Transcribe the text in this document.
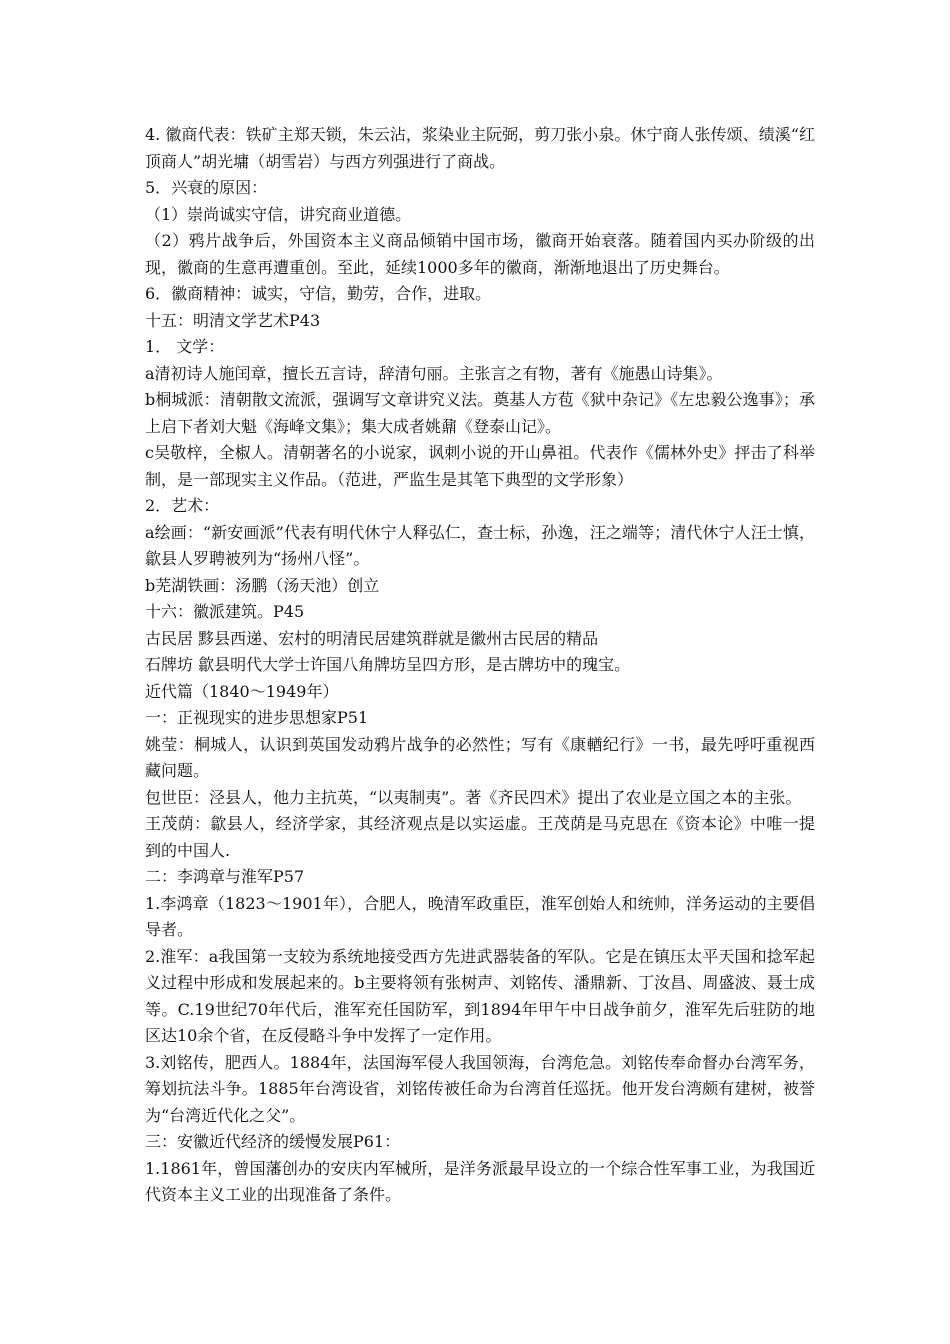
4. 徽商代表：铁矿主郑天锁，朱云沾，浆染业主阮弼，剪刀张小泉。休宁商人张传颂、绩溪“红顶商人”胡光墉（胡雪岩）与西方列强进行了商战。

5．兴衰的原因：

（1）崇尚诚实守信，讲究商业道德。

（2）鸦片战争后，外国资本主义商品倾销中国市场，徽商开始衰落。随着国内买办阶级的出现，徽商的生意再遭重创。至此，延续1000多年的徽商，渐渐地退出了历史舞台。

6．徽商精神：诚实，守信，勤劳，合作，进取。

十五：明清文学艺术P43

1． 文学：

a清初诗人施闰章，擅长五言诗，辞清句丽。主张言之有物，著有《施愚山诗集》。

b桐城派：清朝散文流派，强调写文章讲究义法。奠基人方苞《狱中杂记》《左忠毅公逸事》；承上启下者刘大魁《海峰文集》；集大成者姚鼐《登泰山记》。

c吴敬梓，全椒人。清朝著名的小说家，讽刺小说的开山鼻祖。代表作《儒林外史》抨击了科举制，是一部现实主义作品。（范进，严监生是其笔下典型的文学形象）

2．艺术：

a绘画：“新安画派”代表有明代休宁人释弘仁，查士标，孙逸，汪之端等；清代休宁人汪士慎，歙县人罗聘被列为“扬州八怪”。

b芜湖铁画：汤鹏（汤天池）创立

十六：徽派建筑。P45

古民居 黟县西递、宏村的明清民居建筑群就是徽州古民居的精品

石牌坊 歙县明代大学士许国八角牌坊呈四方形，是古牌坊中的瑰宝。

近代篇（1840～1949年）

一：正视现实的进步思想家P51

姚莹：桐城人，认识到英国发动鸦片战争的必然性；写有《康輶纪行》一书，最先呼吁重视西藏问题。

包世臣：泾县人，他力主抗英，“以夷制夷”。著《齐民四术》提出了农业是立国之本的主张。

王茂荫：歙县人，经济学家，其经济观点是以实运虚。王茂荫是马克思在《资本论》中唯一提到的中国人.

二：李鸿章与淮军P57

1.李鸿章（1823～1901年），合肥人，晚清军政重臣，淮军创始人和统帅，洋务运动的主要倡导者。

2.淮军：a我国第一支较为系统地接受西方先进武器装备的军队。它是在镇压太平天国和捻军起义过程中形成和发展起来的。b主要将领有张树声、刘铭传、潘鼎新、丁汝昌、周盛波、聂士成等。C.19世纪70年代后，淮军充任国防军，到1894年甲午中日战争前夕，淮军先后驻防的地区达10余个省，在反侵略斗争中发挥了一定作用。

3.刘铭传，肥西人。1884年，法国海军侵人我国领海，台湾危急。刘铭传奉命督办台湾军务，筹划抗法斗争。1885年台湾设省，刘铭传被任命为台湾首任巡抚。他开发台湾颇有建树，被誉为“台湾近代化之父”。

三：安徽近代经济的缓慢发展P61：

1.1861年，曾国藩创办的安庆内军械所，是洋务派最早设立的一个综合性军事工业，为我国近代资本主义工业的出现准备了条件。
